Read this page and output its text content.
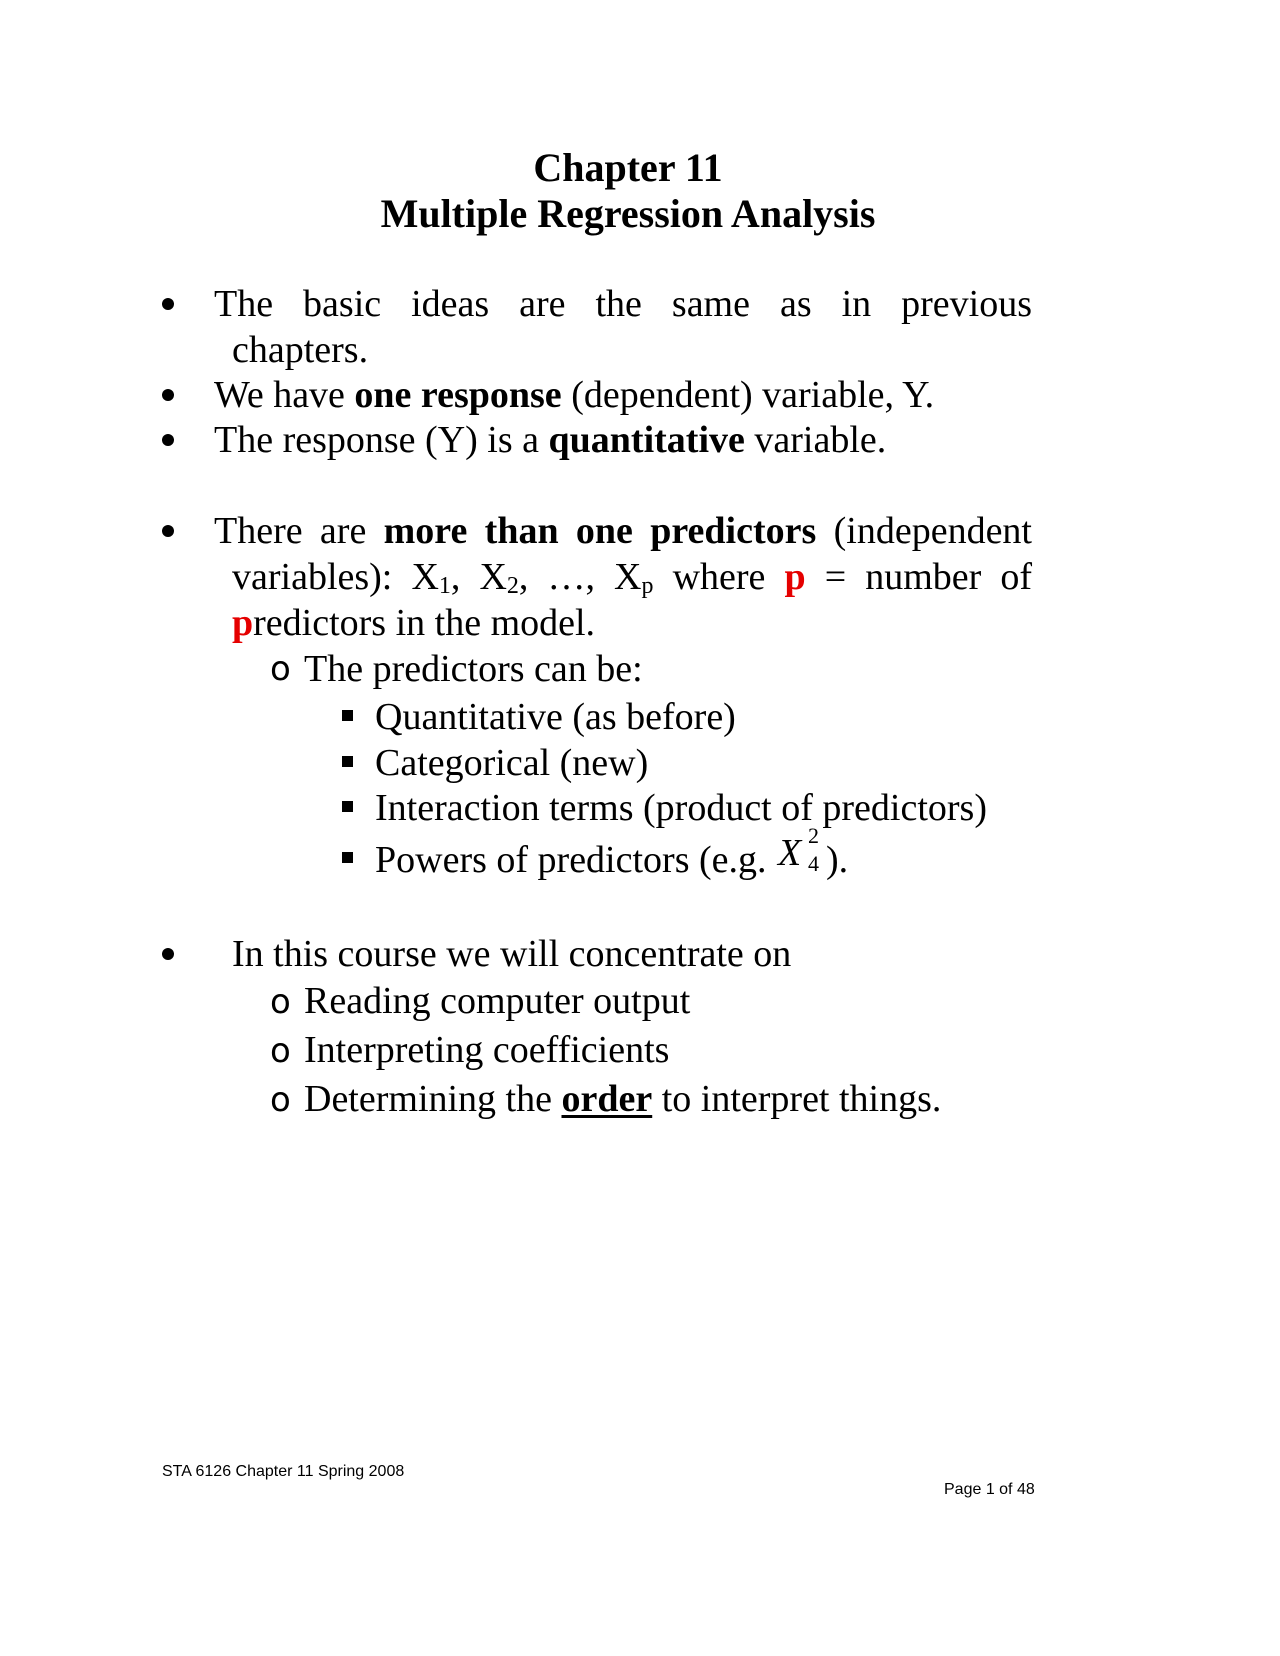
Chapter 11
Multiple Regression Analysis
The basic ideas are the same as in previous
chapters.
We have one response (dependent) variable, Y.
The response (Y) is a quantitative variable.
There are more than one predictors (independent
variables): $X_1$, $X_2$, …, $X_p$ where p = number of
predictors in the model.
o The predictors can be:
Quantitative (as before)
Categorical (new)
Interaction terms (product of predictors)
Powers of predictors (e.g. X 2
4 ).
In this course we will concentrate on
o Reading computer output
o Interpreting coefficients
o Determining the order to interpret things.
STA 6126 Chapter 11 Spring 2008
Page 1 of 48
